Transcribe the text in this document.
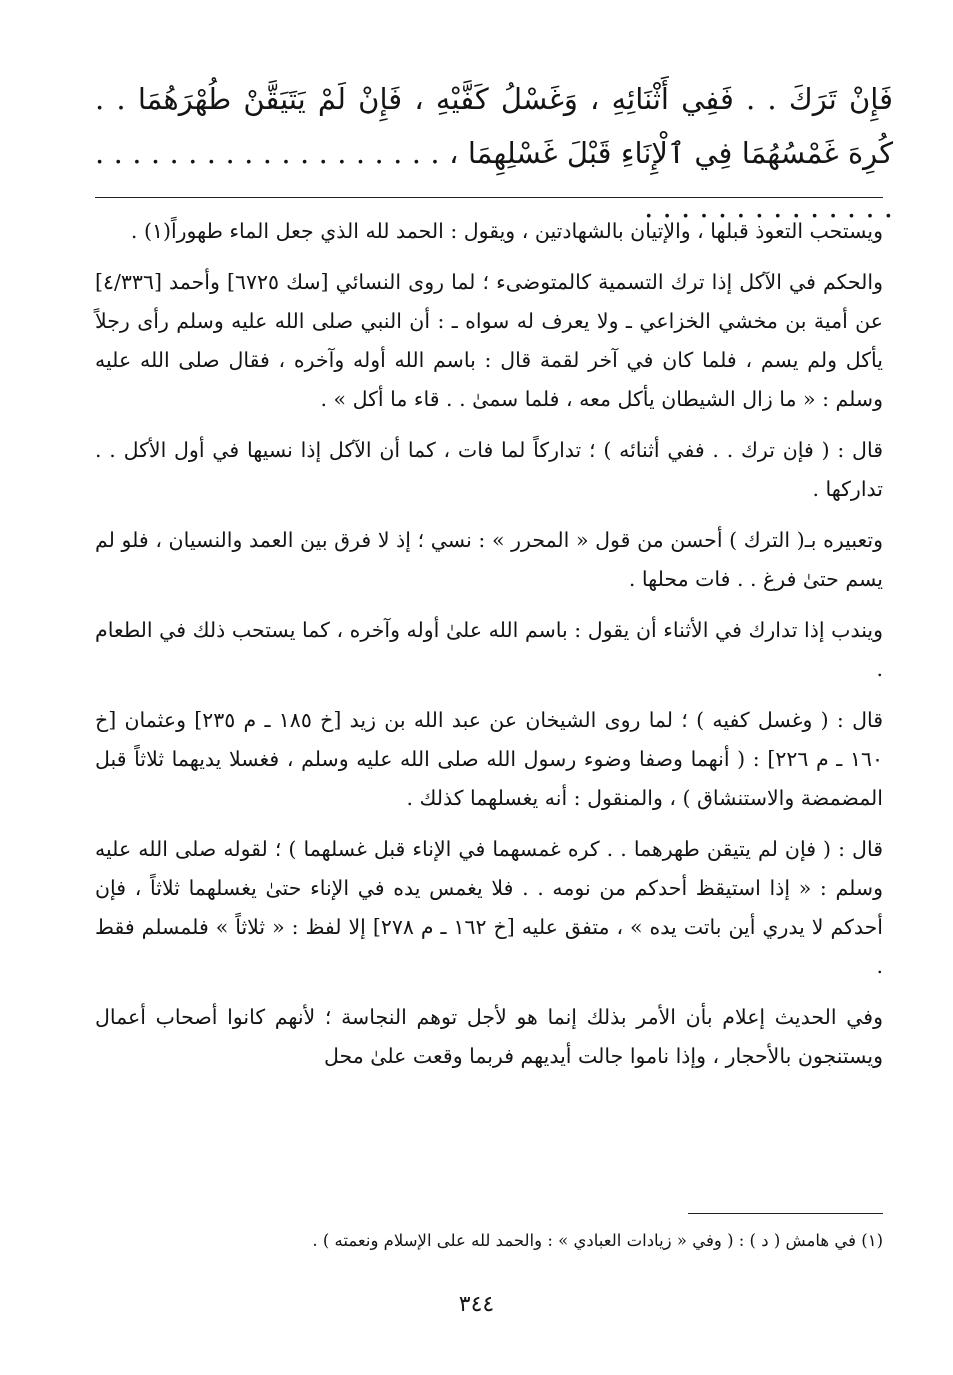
فَإِنْ تَرَكَ . . فَفِي أَثْنَائِهِ ، وَغَسْلُ كَفَّيْهِ ، فَإِنْ لَمْ يَتَيَقَّنْ طُهْرَهُمَا . . كُرِهَ غَمْسُهُمَا فِي ٱلْإِنَاءِ قَبْلَ غَسْلِهِمَا ، . . . . . . . . . . . . . . . . . . . . . . . . . . . . . . . . .

ويستحب التعوذ قبلها ، والإتيان بالشهادتين ، ويقول : الحمد لله الذي جعل الماء طهوراً(١) .

والحكم في الآكل إذا ترك التسمية كالمتوضىء ؛ لما روى النسائي [سك ٦٧٢٥] وأحمد [٤/٣٣٦] عن أمية بن مخشي الخزاعي ـ ولا يعرف له سواه ـ : أن النبي صلى الله عليه وسلم رأى رجلاً يأكل ولم يسم ، فلما كان في آخر لقمة قال : باسم الله أوله وآخره ، فقال صلى الله عليه وسلم : « ما زال الشيطان يأكل معه ، فلما سمىٰ . . قاء ما أكل » .

قال : ( فإن ترك . . ففي أثنائه ) ؛ تداركاً لما فات ، كما أن الآكل إذا نسيها في أول الأكل . . تداركها .

وتعبيره بـ( الترك ) أحسن من قول « المحرر » : نسي ؛ إذ لا فرق بين العمد والنسيان ، فلو لم يسم حتىٰ فرغ . . فات محلها .

ويندب إذا تدارك في الأثناء أن يقول : باسم الله علىٰ أوله وآخره ، كما يستحب ذلك في الطعام .

قال : ( وغسل كفيه ) ؛ لما روى الشيخان عن عبد الله بن زيد [خ ١٨٥ ـ م ٢٣٥] وعثمان [خ ١٦٠ ـ م ٢٢٦] : ( أنهما وصفا وضوء رسول الله صلى الله عليه وسلم ، فغسلا يديهما ثلاثاً قبل المضمضة والاستنشاق ) ، والمنقول : أنه يغسلهما كذلك .

قال : ( فإن لم يتيقن طهرهما . . كره غمسهما في الإناء قبل غسلهما ) ؛ لقوله صلى الله عليه وسلم : « إذا استيقظ أحدكم من نومه . . فلا يغمس يده في الإناء حتىٰ يغسلهما ثلاثاً ، فإن أحدكم لا يدري أين باتت يده » ، متفق عليه [خ ١٦٢ ـ م ٢٧٨] إلا لفظ : « ثلاثاً » فلمسلم فقط .

وفي الحديث إعلام بأن الأمر بذلك إنما هو لأجل توهم النجاسة ؛ لأنهم كانوا أصحاب أعمال ويستنجون بالأحجار ، وإذا ناموا جالت أيديهم فربما وقعت علىٰ محل

(١) في هامش ( د ) : ( وفي « زيادات العبادي » : والحمد لله على الإسلام ونعمته ) .
٣٤٤
